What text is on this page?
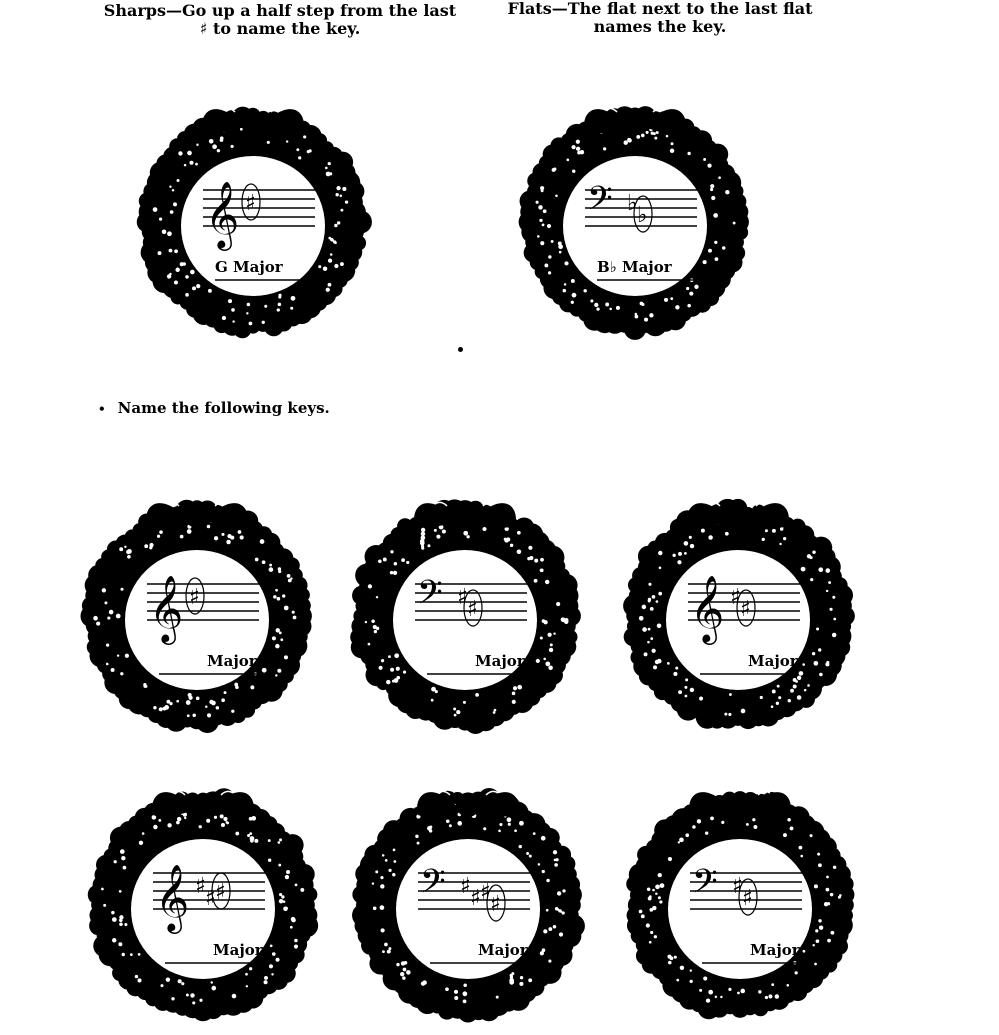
Sharps—Go up a half step from the last ♯ to name the key.
Flats—The flat next to the last flat names the key.
𝄞 ♯
G Major
𝄢 ♭ ♭
B♭ Major
• Name the following keys.
𝄞 ♯
Major
𝄢 ♯ ♯
Major
𝄞 ♯ ♯
Major
𝄞 ♯ ♯ ♯
Major
𝄢 ♯ ♯ ♯ ♯
Major
𝄢 ♯ ♯
Major
